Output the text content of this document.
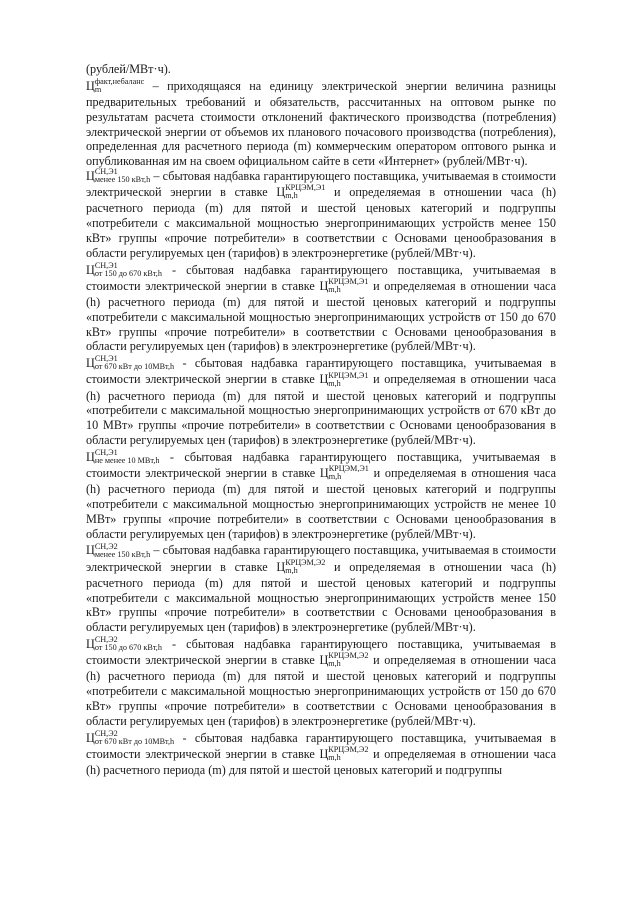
(рублей/МВт·ч).

Ц факт,небаланс
m	– приходящаяся на единицу электрической энергии величина разницы предварительных требований и обязательств, рассчитанных на оптовом рынке по результатам расчета стоимости отклонений фактического производства (потребления) электрической энергии от объемов их планового почасового производства (потребления), определенная для расчетного периода (m) коммерческим оператором оптового рынка и опубликованная им на своем официальном сайте в сети «Интернет» (рублей/МВт·ч).

Ц СН,Э1
менее 150 кВт,h – сбытовая надбавка гарантирующего поставщика, учитываемая в стоимости электрической энергии в ставке Ц КРЦЭМ,Э1
m,h	и определяемая в отношении часа (h) расчетного периода (m) для пятой и шестой ценовых категорий и подгруппы «потребители с максимальной мощностью энергопринимающих устройств менее 150 кВт» группы «прочие потребители» в соответствии с Основами ценообразования в области регулируемых цен (тарифов) в электроэнергетике (рублей/МВт·ч).

Ц СН,Э1
от 150 до 670 кВт,h - сбытовая надбавка гарантирующего поставщика, учитываемая в стоимости электрической энергии в ставке Ц КРЦЭМ,Э1
m,h	и определяемая в отношении часа (h) расчетного периода (m) для пятой и шестой ценовых категорий и подгруппы «потребители с максимальной мощностью энергопринимающих устройств от 150 до 670 кВт» группы «прочие потребители» в соответствии с Основами ценообразования в области регулируемых цен (тарифов) в электроэнергетике (рублей/МВт·ч).

Ц СН,Э1
от 670 кВт до 10МВт,h - сбытовая надбавка гарантирующего поставщика, учитываемая в стоимости электрической энергии в ставке Ц КРЦЭМ,Э1
m,h	и определяемая в отношении часа (h) расчетного периода (m) для пятой и шестой ценовых категорий и подгруппы «потребители с максимальной мощностью энергопринимающих устройств от 670 кВт до 10 МВт» группы «прочие потребители» в соответствии с Основами ценообразования в области регулируемых цен (тарифов) в электроэнергетике (рублей/МВт·ч).

Ц СН,Э1
не менее 10 МВт,h - сбытовая надбавка гарантирующего поставщика, учитываемая в стоимости электрической энергии в ставке Ц КРЦЭМ,Э1
m,h	и определяемая в отношения часа (h) расчетного периода (m) для пятой и шестой ценовых категорий и подгруппы «потребители с максимальной мощностью энергопринимающих устройств не менее 10 МВт» группы «прочие потребители» в соответствии с Основами ценообразования в области регулируемых цен (тарифов) в электроэнергетике (рублей/МВт·ч).

Ц СН,Э2
менее 150 кВт,h – сбытовая надбавка гарантирующего поставщика, учитываемая в стоимости электрической энергии в ставке Ц КРЦЭМ,Э2
m,h	и определяемая в отношении часа (h) расчетного периода (m) для пятой и шестой ценовых категорий и подгруппы «потребители с максимальной мощностью энергопринимающих устройств менее 150 кВт» группы «прочие потребители» в соответствии с Основами ценообразования в области регулируемых цен (тарифов) в электроэнергетике (рублей/МВт·ч).

Ц СН,Э2
от 150 до 670 кВт,h - сбытовая надбавка гарантирующего поставщика, учитываемая в стоимости электрической энергии в ставке Ц КРЦЭМ,Э2
m,h	и определяемая в отношении часа (h) расчетного периода (m) для пятой и шестой ценовых категорий и подгруппы «потребители с максимальной мощностью энергопринимающих устройств от 150 до 670 кВт» группы «прочие потребители» в соответствии с Основами ценообразования в области регулируемых цен (тарифов) в электроэнергетике (рублей/МВт·ч).

Ц СН,Э2
от 670 кВт до 10МВт,h - сбытовая надбавка гарантирующего поставщика, учитываемая в стоимости электрической энергии в ставке Ц КРЦЭМ,Э2
m,h	и определяемая в отношении часа (h) расчетного периода (m) для пятой и шестой ценовых категорий и подгруппы
